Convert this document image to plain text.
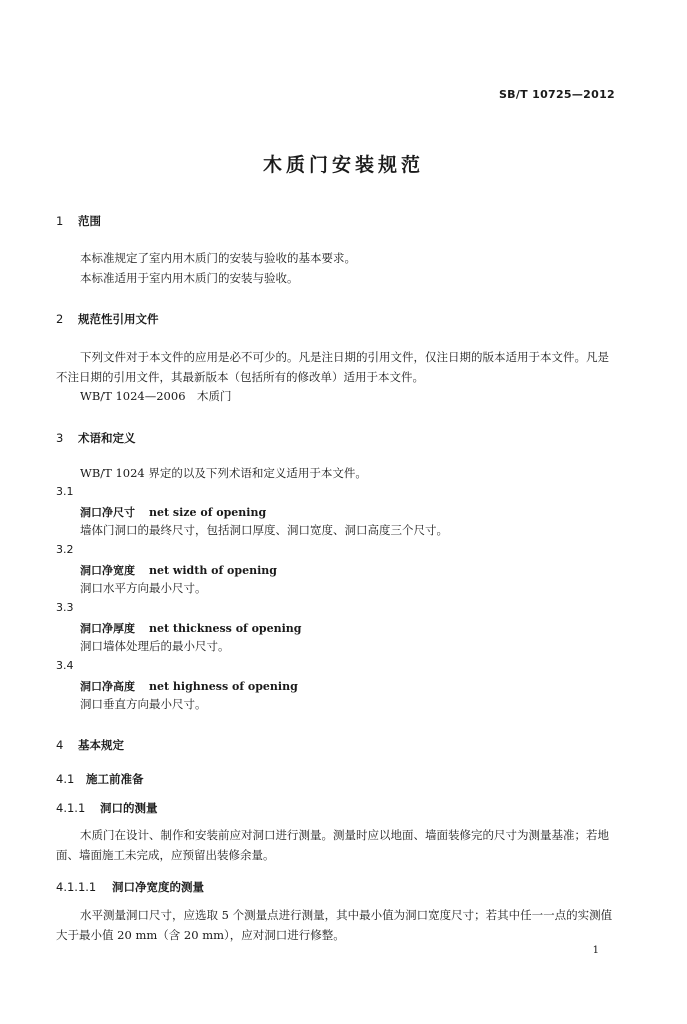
SB/T 10725—2012
木质门安装规范
1 范围
本标准规定了室内用木质门的安装与验收的基本要求。
本标准适用于室内用木质门的安装与验收。
2 规范性引用文件
下列文件对于本文件的应用是必不可少的。凡是注日期的引用文件，仅注日期的版本适用于本文件。凡是不注日期的引用文件，其最新版本（包括所有的修改单）适用于本文件。
WB/T 1024—2006　木质门
3 术语和定义
WB/T 1024 界定的以及下列术语和定义适用于本文件。
3.1
洞口净尺寸 net size of opening
墙体门洞口的最终尺寸，包括洞口厚度、洞口宽度、洞口高度三个尺寸。
3.2
洞口净宽度 net width of opening
洞口水平方向最小尺寸。
3.3
洞口净厚度 net thickness of opening
洞口墙体处理后的最小尺寸。
3.4
洞口净高度 net highness of opening
洞口垂直方向最小尺寸。
4 基本规定
4.1 施工前准备
4.1.1 洞口的测量
木质门在设计、制作和安装前应对洞口进行测量。测量时应以地面、墙面装修完的尺寸为测量基准；若地面、墙面施工未完成，应预留出装修余量。
4.1.1.1 洞口净宽度的测量
水平测量洞口尺寸，应选取 5 个测量点进行测量，其中最小值为洞口宽度尺寸；若其中任一一点的实测值大于最小值 20 mm（含 20 mm），应对洞口进行修整。
1
